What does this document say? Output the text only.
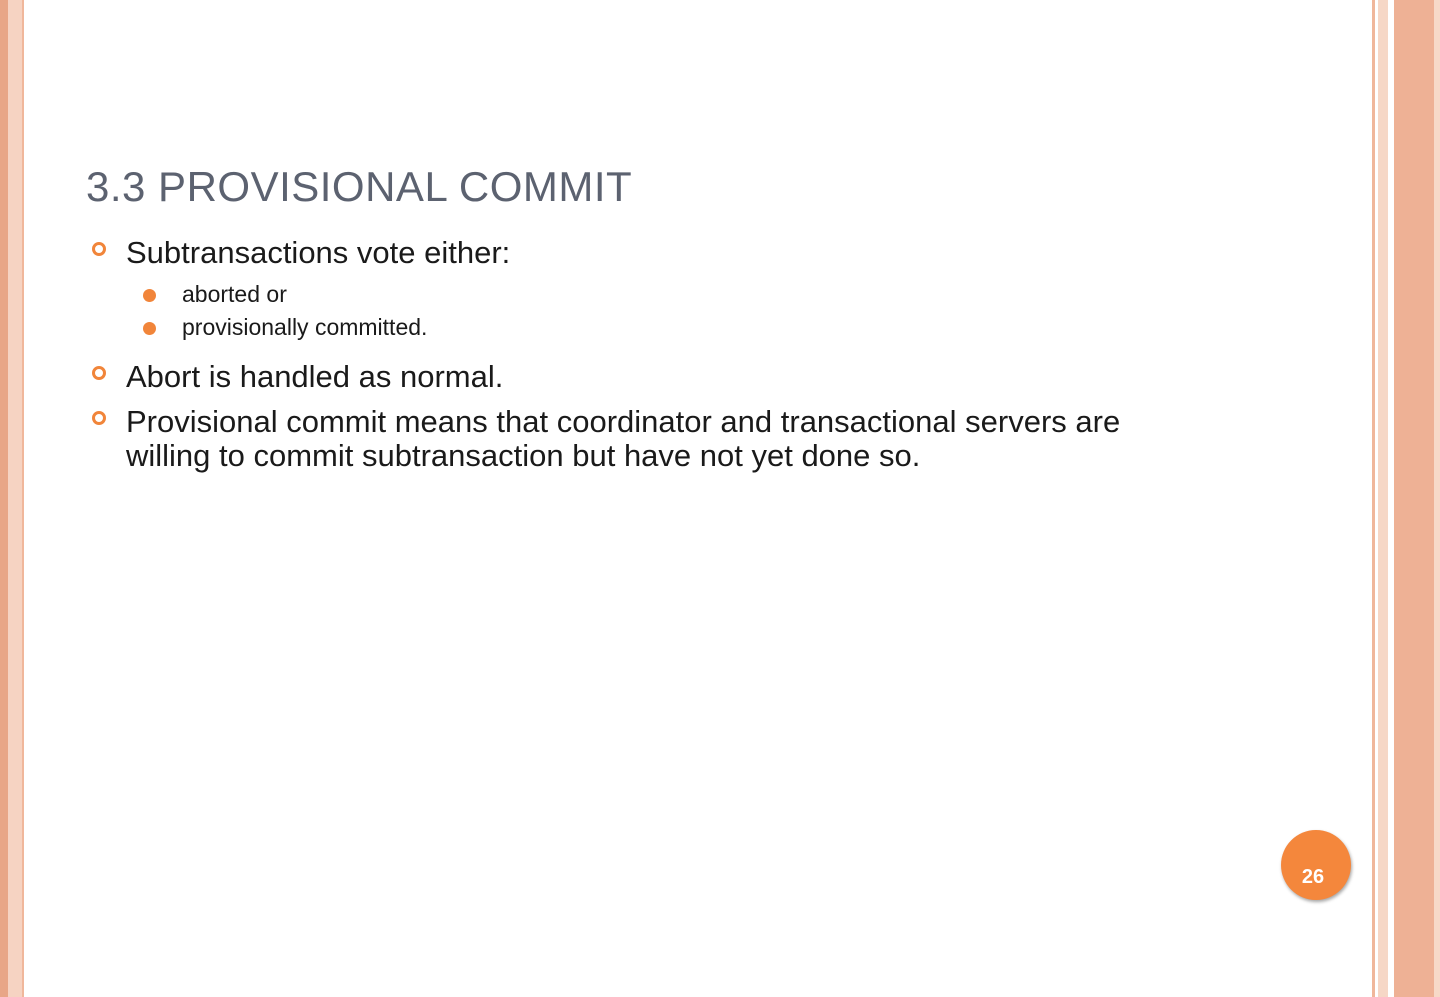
3.3 PROVISIONAL COMMIT
Subtransactions vote either:
aborted or
provisionally committed.
Abort is handled as normal.
Provisional commit means that coordinator and transactional servers are willing to commit subtransaction but have not yet done so.
26
